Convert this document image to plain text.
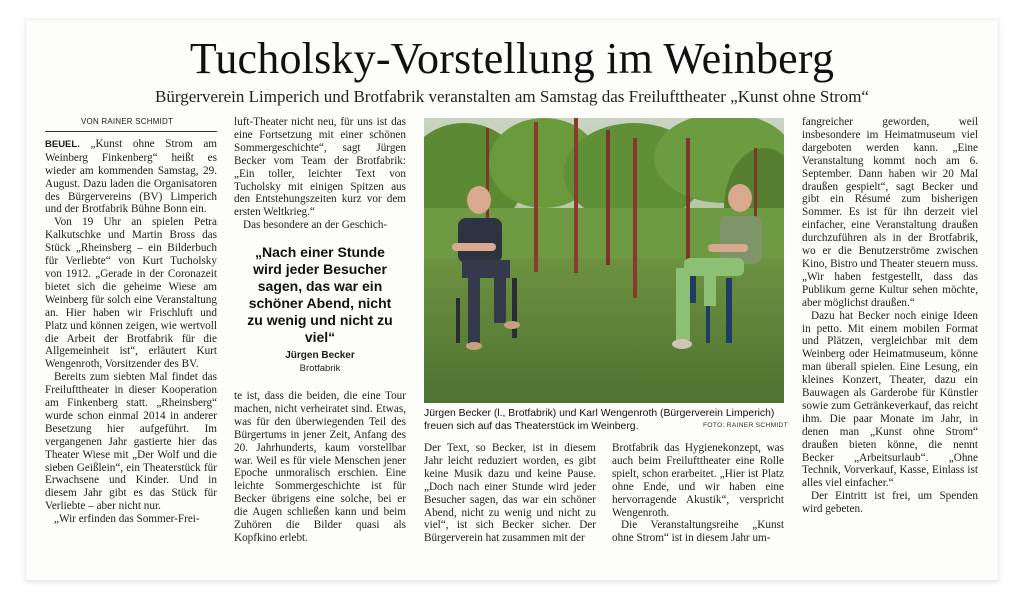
Tucholsky-Vorstellung im Weinberg
Bürgerverein Limperich und Brotfabrik veranstalten am Samstag das Freilufttheater „Kunst ohne Strom“
VON RAINER SCHMIDT

BEUEL. „Kunst ohne Strom am Weinberg Finkenberg“ heißt es wieder am kommenden Samstag, 29. August. Dazu laden die Organisatoren des Bürgervereins (BV) Limperich und der Brotfabrik Bühne Bonn ein.

Von 19 Uhr an spielen Petra Kalkutschke und Martin Bross das Stück „Rheinsberg – ein Bilderbuch für Verliebte“ von Kurt Tucholsky von 1912. „Gerade in der Coronazeit bietet sich die geheime Wiese am Weinberg für solch eine Veranstaltung an. Hier haben wir Frischluft und Platz und können zeigen, wie wertvoll die Arbeit der Brotfabrik für die Allgemeinheit ist“, erläutert Kurt Wengenroth, Vorsitzender des BV.

Bereits zum siebten Mal findet das Freilufttheater in dieser Kooperation am Finkenberg statt. „Rheinsberg“ wurde schon einmal 2014 in anderer Besetzung hier aufgeführt. Im vergangenen Jahr gastierte hier das Theater Wiese mit „Der Wolf und die sieben Geißlein“, ein Theaterstück für Erwachsene und Kinder. Und in diesem Jahr gibt es das Stück für Verliebte – aber nicht nur.

„Wir erfinden das Sommer-Frei-

luft-Theater nicht neu, für uns ist das eine Fortsetzung mit einer schönen Sommergeschichte“, sagt Jürgen Becker vom Team der Brotfabrik: „Ein toller, leichter Text von Tucholsky mit einigen Spitzen aus den Entstehungszeiten kurz vor dem ersten Weltkrieg.“

Das besondere an der Geschich-

„Nach einer Stunde wird jeder Besucher sagen, das war ein schöner Abend, nicht zu wenig und nicht zu viel“
Jürgen Becker
Brotfabrik

te ist, dass die beiden, die eine Tour machen, nicht verheiratet sind. Etwas, was für den überwiegenden Teil des Bürgertums in jener Zeit, Anfang des 20. Jahrhunderts, kaum vorstellbar war. Weil es für viele Menschen jener Epoche unmoralisch erschien. Eine leichte Sommergeschichte ist für Becker übrigens eine solche, bei er die Augen schließen kann und beim Zuhören die Bilder quasi als Kopfkino erlebt.

Jürgen Becker (l., Brotfabrik) und Karl Wengenroth (Bürgerverein Limperich) freuen sich auf das Theaterstück im Weinberg.	FOTO: RAINER SCHMIDT

Der Text, so Becker, ist in diesem Jahr leicht reduziert worden, es gibt keine Musik dazu und keine Pause. „Doch nach einer Stunde wird jeder Besucher sagen, das war ein schöner Abend, nicht zu wenig und nicht zu viel“, ist sich Becker sicher. Der Bürgerverein hat zusammen mit der

Brotfabrik das Hygienekonzept, was auch beim Freilufttheater eine Rolle spielt, schon erarbeitet. „Hier ist Platz ohne Ende, und wir haben eine hervorragende Akustik“, verspricht Wengenroth.

Die Veranstaltungsreihe „Kunst ohne Strom“ ist in diesem Jahr um-

fangreicher geworden, weil insbesondere im Heimatmuseum viel dargeboten werden kann. „Eine Veranstaltung kommt noch am 6. September. Dann haben wir 20 Mal draußen gespielt“, sagt Becker und gibt ein Résumé zum bisherigen Sommer. Es ist für ihn derzeit viel einfacher, eine Veranstaltung draußen durchzuführen als in der Brotfabrik, wo er die Benutzerströme zwischen Kino, Bistro und Theater steuern muss. „Wir haben festgestellt, dass das Publikum gerne Kultur sehen möchte, aber möglichst draußen.“

Dazu hat Becker noch einige Ideen in petto. Mit einem mobilen Format und Plätzen, vergleichbar mit dem Weinberg oder Heimatmuseum, könne man überall spielen. Eine Lesung, ein kleines Konzert, Theater, dazu ein Bauwagen als Garderobe für Künstler sowie zum Getränkeverkauf, das reicht ihm. Die paar Monate im Jahr, in denen man „Kunst ohne Strom“ draußen bieten könne, die nennt Becker „Arbeitsurlaub“. „Ohne Technik, Vorverkauf, Kasse, Einlass ist alles viel einfacher.“

Der Eintritt ist frei, um Spenden wird gebeten.
